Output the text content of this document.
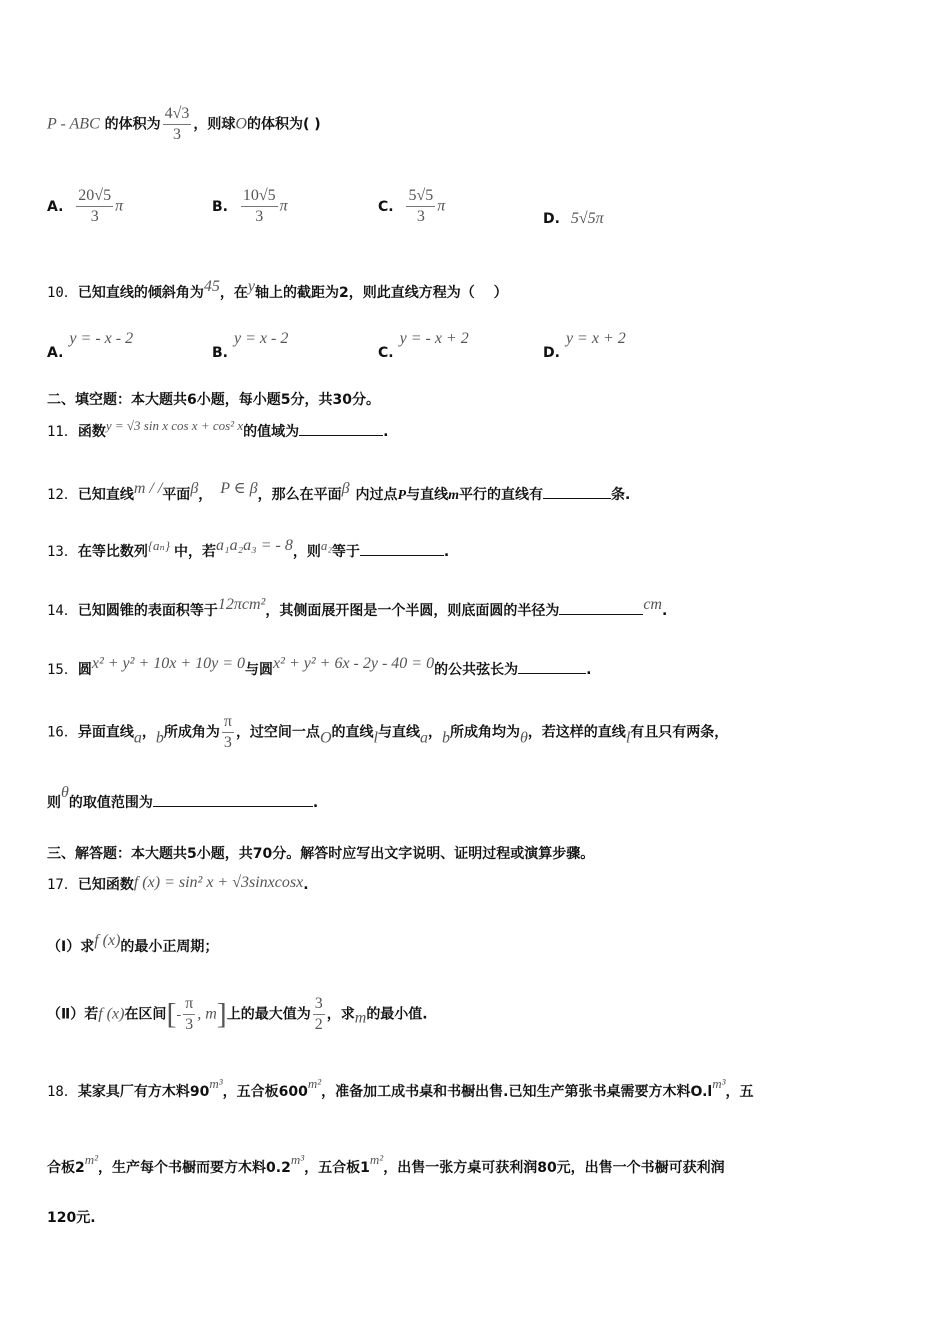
P - ABC 的体积为 $\frac{4√3}{3}$ ，则球O的体积为( )
A. $\frac{20√5}{3}$ π	B. $\frac{10√5}{3}$ π	C. $\frac{5√5}{3}$ π
D. 5√5π
10．已知直线的倾斜角为45，在y轴上的截距为2，则此直线方程为（　 ）
A.y = - x - 2
B.y = x - 2
C.y = - x + 2
D.y = x + 2
二、填空题：本大题共6小题，每小题5分，共30分。
11．函数y = √3 sin x cos x + cos² x的值域为	.
12．已知直线m / /平面β， P ∈ β，那么在平面β 内过点P与直线m平行的直线有	条.
13．在等比数列{aₙ} 中，若a₁a₂a₃ = - 8，则a₂等于	.
14．已知圆锥的表面积等于12πcm²，其侧面展开图是一个半圆，则底面圆的半径为	cm.
15．圆x² + y² + 10x + 10y = 0与圆x² + y² + 6x - 2y - 40 = 0的公共弦长为	.
16．异面直线a，b所成角为 $\frac{\pi}{3}$ ，过空间一点O的直线l与直线a，b所成角均为θ，若这样的直线l有且只有两条，
则θ的取值范围为	.
三、解答题：本大题共5小题，共70分。解答时应写出文字说明、证明过程或演算步骤。
17．已知函数f (x) = sin² x + √3sinxcosx.
（Ⅰ）求f (x)的最小正周期；
（Ⅱ）若f (x)在区间[- $\frac{\pi}{3}$ , m]上的最大值为 $\frac{3}{2}$ ，求m的最小值.
18．某家具厂有方木料90m³，五合板600m²，准备加工成书桌和书橱出售.已知生产第张书桌需要方木料O.lm³，五
合板2m²，生产每个书橱而要方木料0.2m³，五合板1m²，出售一张方桌可获利润80元，出售一个书橱可获利润
120元.
